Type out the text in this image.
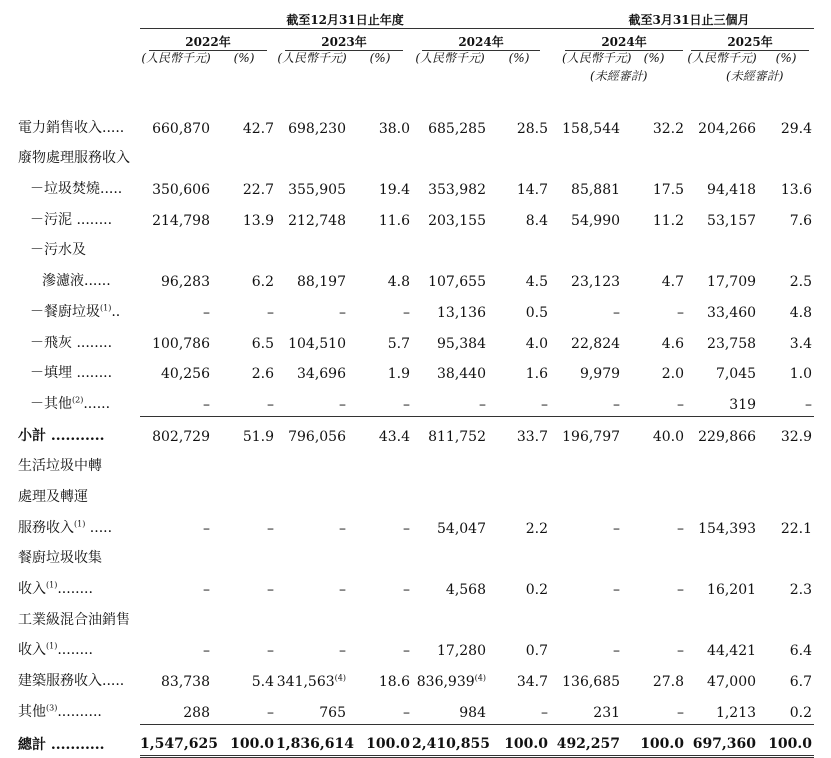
	截至12月31日止年度						截至3月31日止三個月			
	2022年		2023年		2024年		2024年		2025年	
	(人民幣千元)	(%)	(人民幣千元)	(%)	(人民幣千元)	(%)	(人民幣千元)	(%)	(人民幣千元)	(%)

							(未經審計)		(未經審計)	

電力銷售收入.....	660,870	42.7	698,230	38.0	685,285	28.5	158,544	32.2	204,266	29.4
廢物處理服務收入										
－垃圾焚燒.....	350,606	22.7	355,905	19.4	353,982	14.7	85,881	17.5	94,418	13.6
－污泥 ........	214,798	13.9	212,748	11.6	203,155	8.4	54,990	11.2	53,157	7.6
－污水及										
滲濾液......	96,283	6.2	88,197	4.8	107,655	4.5	23,123	4.7	17,709	2.5
－餐廚垃圾$^{(1)}$..	–	–	–	–	13,136	0.5	–	–	33,460	4.8
－飛灰 ........	100,786	6.5	104,510	5.7	95,384	4.0	22,824	4.6	23,758	3.4
－填埋 ........	40,256	2.6	34,696	1.9	38,440	1.6	9,979	2.0	7,045	1.0
－其他$^{(2)}$......	–	–	–	–	–	–	–	–	319	–
小計 ...........	802,729	51.9	796,056	43.4	811,752	33.7	196,797	40.0	229,866	32.9
生活垃圾中轉										
處理及轉運										
服務收入$^{(1)}$ .....	–	–	–	–	54,047	2.2	–	–	154,393	22.1
餐廚垃圾收集										
收入$^{(1)}$........	–	–	–	–	4,568	0.2	–	–	16,201	2.3
工業級混合油銷售										
收入$^{(1)}$........	–	–	–	–	17,280	0.7	–	–	44,421	6.4
建築服務收入.....	83,738	5.4	341,563$^{(4)}$	18.6	836,939$^{(4)}$	34.7	136,685	27.8	47,000	6.7
其他$^{(3)}$..........	288	–	765	–	984	–	231	–	1,213	0.2
總計 ...........	1,547,625	100.0	1,836,614	100.0	2,410,855	100.0	492,257	100.0	697,360	100.0
